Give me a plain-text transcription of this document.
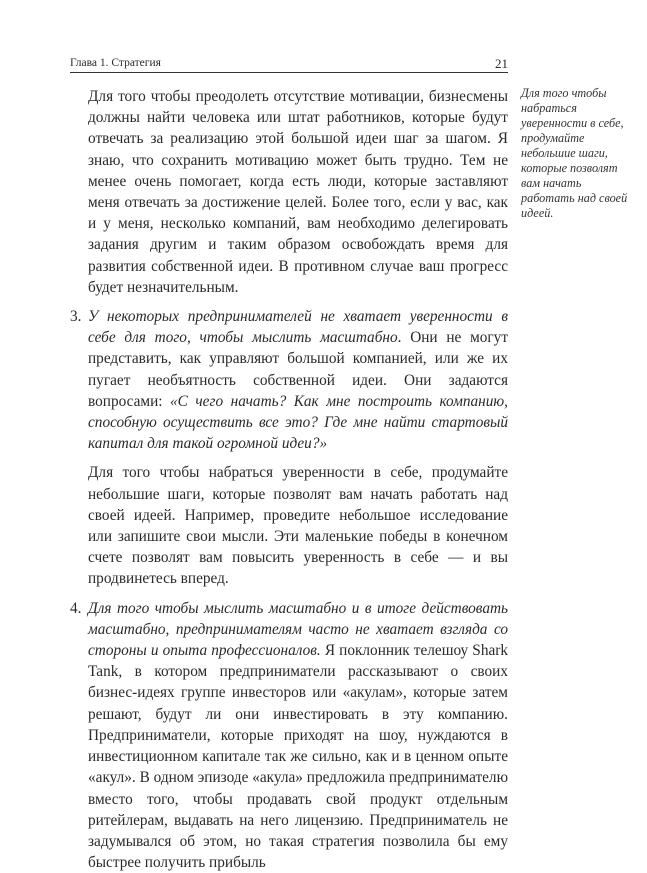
Глава 1. Стратегия	21

Для того чтобы преодолеть отсутствие мотивации, бизнесмены должны найти человека или штат работников, которые будут отвечать за реализацию этой большой идеи шаг за шагом. Я знаю, что сохранить мотивацию может быть трудно. Тем не менее очень помогает, когда есть люди, которые заставляют меня отвечать за достижение целей. Более того, если у вас, как и у меня, несколько компаний, вам необходимо делегировать задания другим и таким образом освобождать время для развития собственной идеи. В противном случае ваш прогресс будет незначительным.

3. У некоторых предпринимателей не хватает уверенности в себе для того, чтобы мыслить масштабно. Они не могут представить, как управляют большой компанией, или же их пугает необъятность собственной идеи. Они задаются вопросами: «С чего начать? Как мне построить компанию, способную осуществить все это? Где мне найти стартовый капитал для такой огромной идеи?»

Для того чтобы набраться уверенности в себе, продумайте небольшие шаги, которые позволят вам начать работать над своей идеей. Например, проведите небольшое исследование или запишите свои мысли. Эти маленькие победы в конечном счете позволят вам повысить уверенность в себе — и вы продвинетесь вперед.

4. Для того чтобы мыслить масштабно и в итоге действовать масштабно, предпринимателям часто не хватает взгляда со стороны и опыта профессионалов. Я поклонник телешоу Shark Tank, в котором предприниматели рассказывают о своих бизнес-идеях группе инвесторов или «акулам», которые затем решают, будут ли они инвестировать в эту компанию. Предприниматели, которые приходят на шоу, нуждаются в инвестиционном капитале так же сильно, как и в ценном опыте «акул». В одном эпизоде «акула» предложила предпринимателю вместо того, чтобы продавать свой продукт отдельным ритейлерам, выдавать на него лицензию. Предприниматель не задумывался об этом, но такая стратегия позволила бы ему быстрее получить прибыль

Для того чтобы набраться уверенности в себе, продумайте небольшие шаги, которые позволят вам начать работать над своей идеей.
